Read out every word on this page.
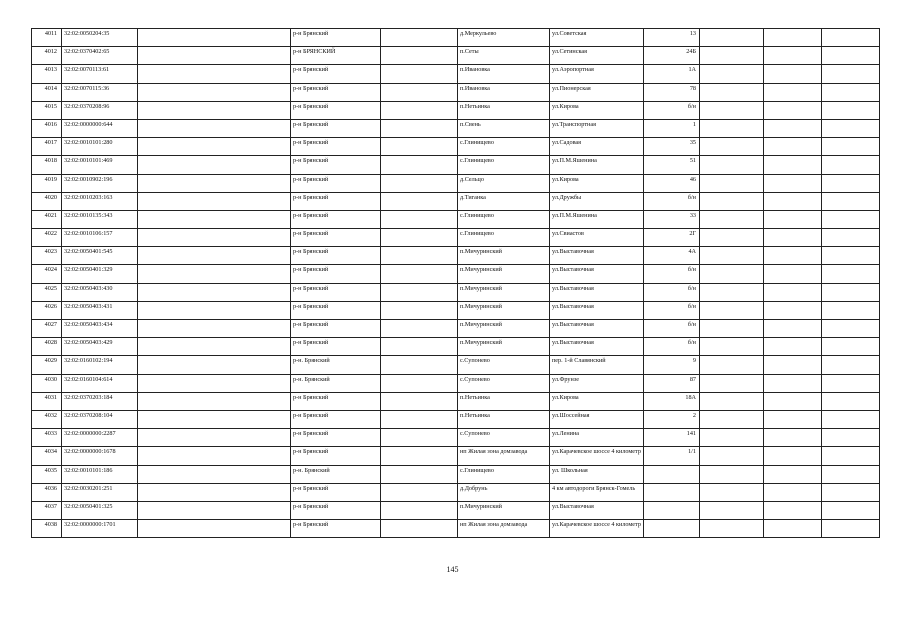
4011	32:02:0050204:35		р-н Брянский		д.Меркульево	ул.Советская	13			
4012	32:02:0370402:65		р-н БРЯНСКИЙ		п.Сеты	ул.Сетинская	24Б			
4013	32:02:0070113:61		р-н Брянский		п.Ивановка	ул.Аэропортная	1А			
4014	32:02:0070115:36		р-н Брянский		п.Ивановка	ул.Пионерская	78			
4015	32:02:0370208:96		р-н Брянский		п.Нетьинка	ул.Кирова	б/н			
4016	32:02:0000000:644		р-н Брянский		п.Свень	ул.Транспортная	1			
4017	32:02:0010101:280		р-н Брянский		с.Глинищево	ул.Садовая	35			
4018	32:02:0010101:469		р-н Брянский		с.Глинищево	ул.П.М.Яшенина	51			
4019	32:02:0010902:196		р-н Брянский		д.Сельцо	ул.Кирова	46			
4020	32:02:0010203:163		р-н Брянский		д.Тиганка	ул.Дружбы	б/н			
4021	32:02:0010135:343		р-н Брянский		с.Глинищево	ул.П.М.Яшенина	33			
4022	32:02:0010106:157		р-н Брянский		с.Глинищево	ул.Свиастов	2Г			
4023	32:02:0050401:545		р-н Брянский		п.Мичуринский	ул.Выставочная	4А			
4024	32:02:0050401:329		р-н Брянский		п.Мичуринский	ул.Выставочная	б/н			
4025	32:02:0050403:430		р-н Брянский		п.Мичуринский	ул.Выставочная	б/н			
4026	32:02:0050403:431		р-н Брянский		п.Мичуринский	ул.Выставочная	б/н			
4027	32:02:0050403:434		р-н Брянский		п.Мичуринский	ул.Выставочная	б/н			
4028	32:02:0050403:429		р-н Брянский		п.Мичуринский	ул.Выставочная	б/н			
4029	32:02:0160102:194		р-н. Брянский		с.Супонево	пер. 1-й Славянский	9			
4030	32:02:0160104:614		р-н. Брянский		с.Супонево	ул.Фрунзе	87			
4031	32:02:0370203:184		р-н Брянский		п.Нетьинка	ул.Кирова	18А			
4032	32:02:0370208:104		р-н Брянский		п.Нетьинка	ул.Шоссейная	2			
4033	32:02:0000000:2287		р-н Брянский		с.Супонево	ул.Ленина	141			
4034	32:02:0000000:1678		р-н Брянский		нп Жилая зона домзавода	ул.Карачевское шоссе 4 километр	1/1			
4035	32:02:0010101:186		р-н. Брянский		с.Глинищево	ул. Школьная				
4036	32:02:0030201:251		р-н Брянский		д.Добрунь	4 км автодороги Брянск-Гомель				
4037	32:02:0050401:325		р-н Брянский		п.Мичуринский	ул.Выставочная				
4038	32:02:0000000:1701		р-н Брянский		нп Жилая зона домзавода	ул.Карачевское шоссе 4 километр				
145
